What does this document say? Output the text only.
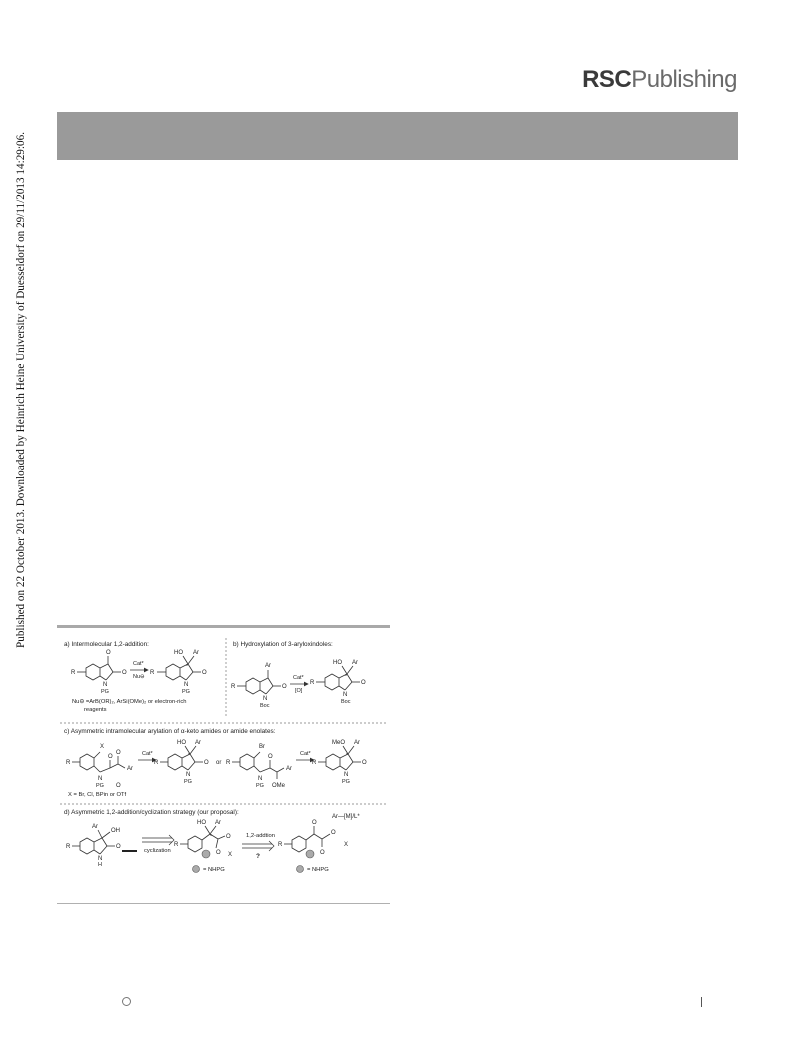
Published on 22 October 2013. Downloaded by Heinrich Heine University of Duesseldorf on 29/11/2013 14:29:06.
RSCPublishing
a) Intermolecular 1,2-addition:
R
O
O
N
PG
Cat*
Nu⊖
R
HO Ar
O
N
PG
*
Nu⊖ =ArB(OR)₂, ArSi(OMe)₂ or electron-rich
reagents
b) Hydroxylation of 3-aryloxindoles:
R
Ar
O
N
Boc
Cat*
[O]
R
HO Ar
O
N
Boc
*
c) Asymmetric intramolecular arylation of α-keto amides or amide enolates:
R
X
O
O
Ar
N
PG O
Cat*
R
HO Ar
O
N
PG
*
or R
Br
O
Ar
N
PG OMe
Cat*
R
MeO Ar
O
N
PG
*
X = Br, Cl, BPin or OTf
d) Asymmetric 1,2-addition/cyclization strategy (our proposal):
R
Ar
OH
O
N
H
cyclization
R
HO Ar
O
O X
*
= NHPG
1,2-addtion
?
R
O
O
O
X
Ar—[M]/L*
= NHPG
